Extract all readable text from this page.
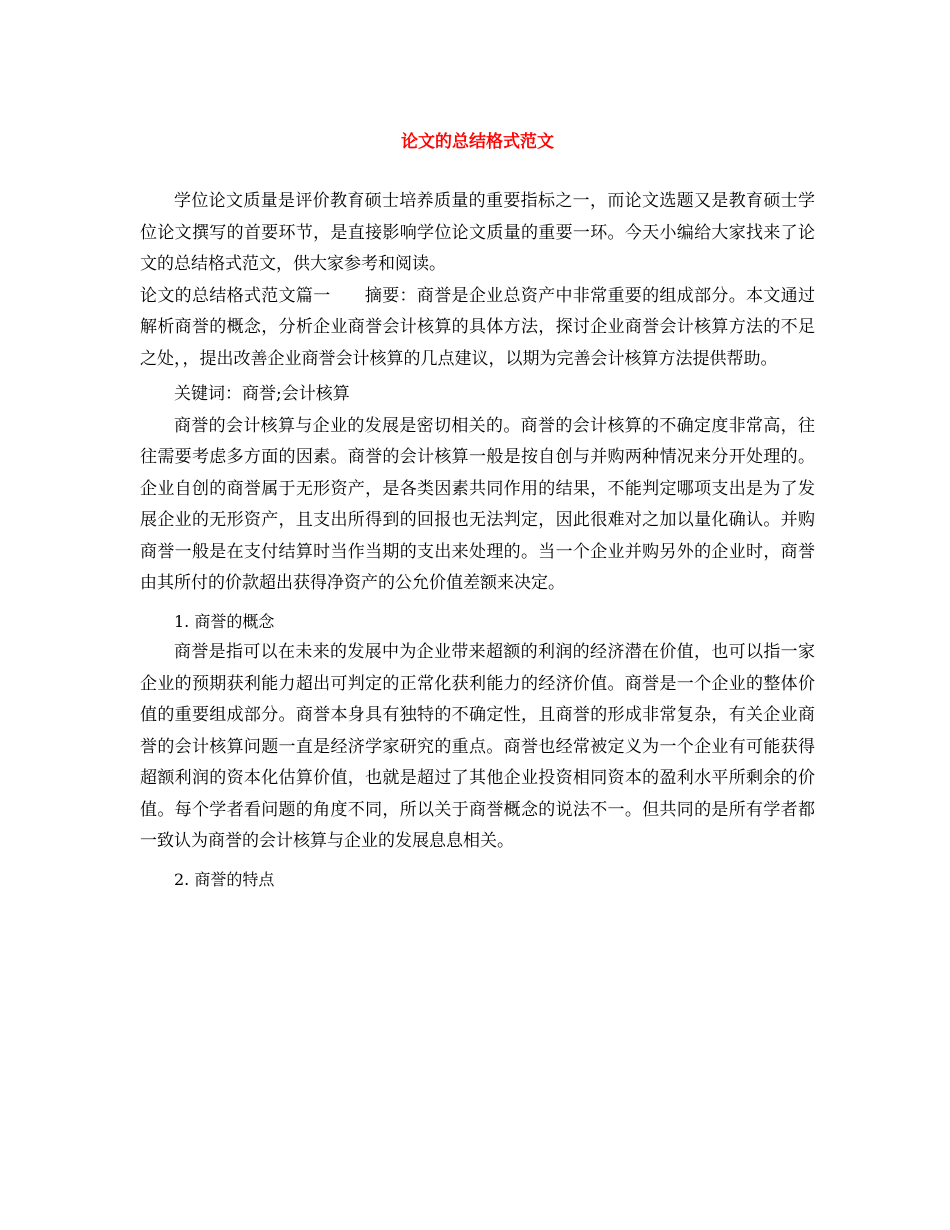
论文的总结格式范文

学位论文质量是评价教育硕士培养质量的重要指标之一，而论文选题又是教育硕士学位论文撰写的首要环节，是直接影响学位论文质量的重要一环。今天小编给大家找来了论文的总结格式范文，供大家参考和阅读。

论文的总结格式范文篇一 摘要：商誉是企业总资产中非常重要的组成部分。本文通过解析商誉的概念，分析企业商誉会计核算的具体方法，探讨企业商誉会计核算方法的不足之处，，提出改善企业商誉会计核算的几点建议，以期为完善会计核算方法提供帮助。

关键词：商誉;会计核算

商誉的会计核算与企业的发展是密切相关的。商誉的会计核算的不确定度非常高，往往需要考虑多方面的因素。商誉的会计核算一般是按自创与并购两种情况来分开处理的。企业自创的商誉属于无形资产，是各类因素共同作用的结果，不能判定哪项支出是为了发展企业的无形资产，且支出所得到的回报也无法判定，因此很难对之加以量化确认。并购商誉一般是在支付结算时当作当期的支出来处理的。当一个企业并购另外的企业时，商誉由其所付的价款超出获得净资产的公允价值差额来决定。

1. 商誉的概念

商誉是指可以在未来的发展中为企业带来超额的利润的经济潜在价值，也可以指一家企业的预期获利能力超出可判定的正常化获利能力的经济价值。商誉是一个企业的整体价值的重要组成部分。商誉本身具有独特的不确定性，且商誉的形成非常复杂，有关企业商誉的会计核算问题一直是经济学家研究的重点。商誉也经常被定义为一个企业有可能获得超额利润的资本化估算价值，也就是超过了其他企业投资相同资本的盈利水平所剩余的价值。每个学者看问题的角度不同，所以关于商誉概念的说法不一。但共同的是所有学者都一致认为商誉的会计核算与企业的发展息息相关。

2. 商誉的特点
